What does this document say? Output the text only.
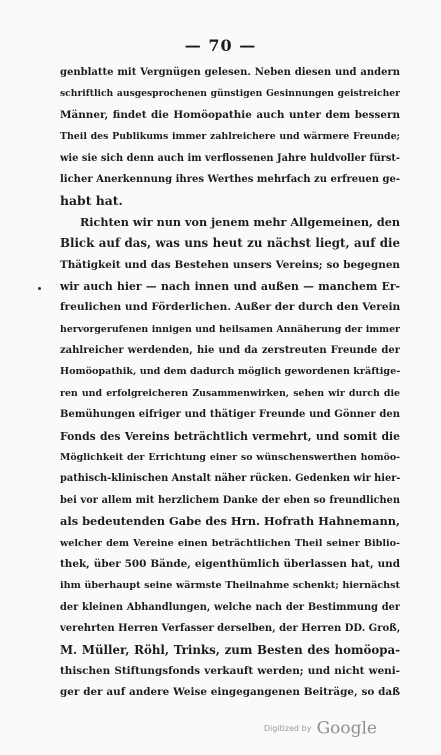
— 70 —
genblatte mit Vergnügen gelesen. Neben diesen und andern
schriftlich ausgesprochenen günstigen Gesinnungen geistreicher
Männer, findet die Homöopathie auch unter dem bessern
Theil des Publikums immer zahlreichere und wärmere Freunde;
wie sie sich denn auch im verflossenen Jahre huldvoller fürst-
licher Anerkennung ihres Werthes mehrfach zu erfreuen ge-
habt hat.
Richten wir nun von jenem mehr Allgemeinen, den
Blick auf das, was uns heut zu nächst liegt, auf die
Thätigkeit und das Bestehen unsers Vereins; so begegnen
wir auch hier — nach innen und außen — manchem Er-
freulichen und Förderlichen. Außer der durch den Verein
hervorgerufenen innigen und heilsamen Annäherung der immer
zahlreicher werdenden, hie und da zerstreuten Freunde der
Homöopathik, und dem dadurch möglich gewordenen kräftige-
ren und erfolgreicheren Zusammenwirken, sehen wir durch die
Bemühungen eifriger und thätiger Freunde und Gönner den
Fonds des Vereins beträchtlich vermehrt, und somit die
Möglichkeit der Errichtung einer so wünschenswerthen homöo-
pathisch-klinischen Anstalt näher rücken. Gedenken wir hier-
bei vor allem mit herzlichem Danke der eben so freundlichen
als bedeutenden Gabe des Hrn. Hofrath Hahnemann,
welcher dem Vereine einen beträchtlichen Theil seiner Biblio-
thek, über 500 Bände, eigenthümlich überlassen hat, und
ihm überhaupt seine wärmste Theilnahme schenkt; hiernächst
der kleinen Abhandlungen, welche nach der Bestimmung der
verehrten Herren Verfasser derselben, der Herren DD. Groß,
M. Müller, Röhl, Trinks, zum Besten des homöopa-
thischen Stiftungsfonds verkauft werden; und nicht weni-
ger der auf andere Weise eingegangenen Beiträge, so daß
Digitized by Google
